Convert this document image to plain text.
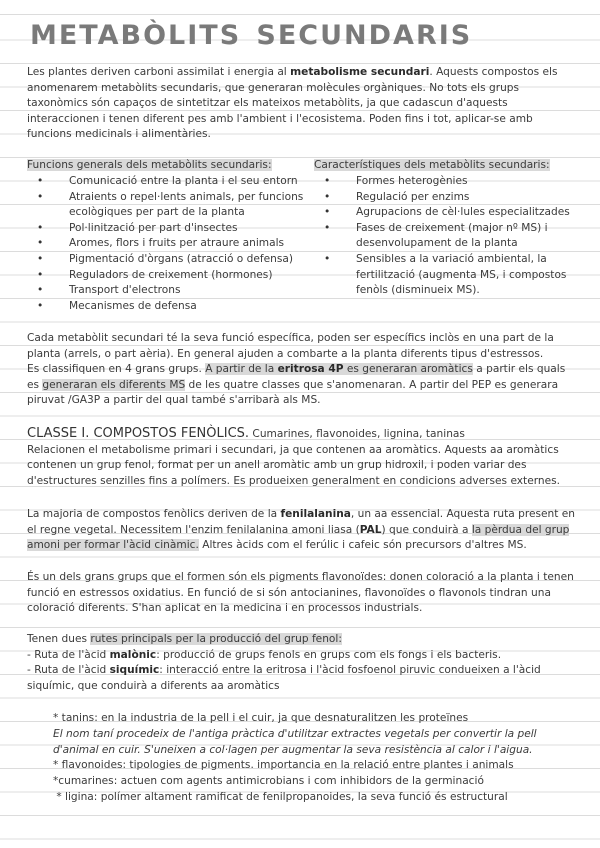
metabòlits secundaris
Les plantes deriven carboni assimilat i energia al metabolisme secundari. Aquests compostos els anomenarem metabòlits secundaris, que generaran molècules orgàniques. No tots els grups taxonòmics són capaços de sintetitzar els mateixos metabòlits, ja que cadascun d'aquests interaccionen i tenen diferent pes amb l'ambient i l'ecosistema. Poden fins i tot, aplicar-se amb funcions medicinals i alimentàries.
Funcions generals dels metabòlits secundaris:
• Comunicació entre la planta i el seu entorn
• Atraients o repel·lents animals, per funcions ecològiques per part de la planta
• Pol·linització per part d'insectes
• Aromes, flors i fruits per atraure animals
• Pigmentació d'òrgans (atracció o defensa)
• Reguladors de creixement (hormones)
• Transport d'electrons
• Mecanismes de defensa
Característiques dels metabòlits secundaris:
• Formes heterogènies
• Regulació per enzims
• Agrupacions de cèl·lules especialitzades
• Fases de creixement (major nº MS) i desenvolupament de la planta
• Sensibles a la variació ambiental, la fertilització (augmenta MS, i compostos fenòls (disminueix MS).
Cada metabòlit secundari té la seva funció específica, poden ser específics inclòs en una part de la planta (arrels, o part aèria). En general ajuden a combarte a la planta diferents tipus d'estressos.
Es classifiquen en 4 grans grups. A partir de la eritrosa 4P es generaran aromàtics a partir els quals es generaran els diferents MS de les quatre classes que s'anomenaran. A partir del PEP es generara piruvat /GA3P a partir del qual també s'arribarà als MS.
CLASSE I. COMPOSTOS FENÒLICS. Cumarines, flavonoides, lignina, taninas
Relacionen el metabolisme primari i secundari, ja que contenen aa aromàtics. Aquests aa aromàtics contenen un grup fenol, format per un anell aromàtic amb un grup hidroxil, i poden variar des d'estructures senzilles fins a polímers. Es produeixen generalment en condicions adverses externes.
La majoria de compostos fenòlics deriven de la fenilalanina, un aa essencial. Aquesta ruta present en el regne vegetal. Necessitem l'enzim fenilalanina amoni liasa (PAL) que conduirà a la pèrdua del grup amoni per formar l'àcid cinàmic. Altres àcids com el ferúlic i cafeic són precursors d'altres MS.
És un dels grans grups que el formen són els pigments flavonoïdes: donen coloració a la planta i tenen funció en estressos oxidatius. En funció de si són antocianines, flavonoïdes o flavonols tindran una coloració diferents. S'han aplicat en la medicina i en processos industrials.
Tenen dues rutes principals per la producció del grup fenol:
- Ruta de l'àcid malònic: producció de grups fenols en grups com els fongs i els bacteris.
- Ruta de l'àcid siquímic: interacció entre la eritrosa i l'àcid fosfoenol piruvic condueixen a l'àcid siquímic, que conduirà a diferents aa aromàtics
* tanins: en la industria de la pell i el cuir, ja que desnaturalitzen les proteïnes
El nom taní procedeix de l'antiga pràctica d'utilitzar extractes vegetals per convertir la pell d'animal en cuir. S'uneixen a col·lagen per augmentar la seva resistència al calor i l'aigua.
* flavonoides: tipologies de pigments. importancia en la relació entre plantes i animals
*cumarines: actuen com agents antimicrobians i com inhibidors de la germinació
* ligina: polímer altament ramificat de fenilpropanoides, la seva funció és estructural
